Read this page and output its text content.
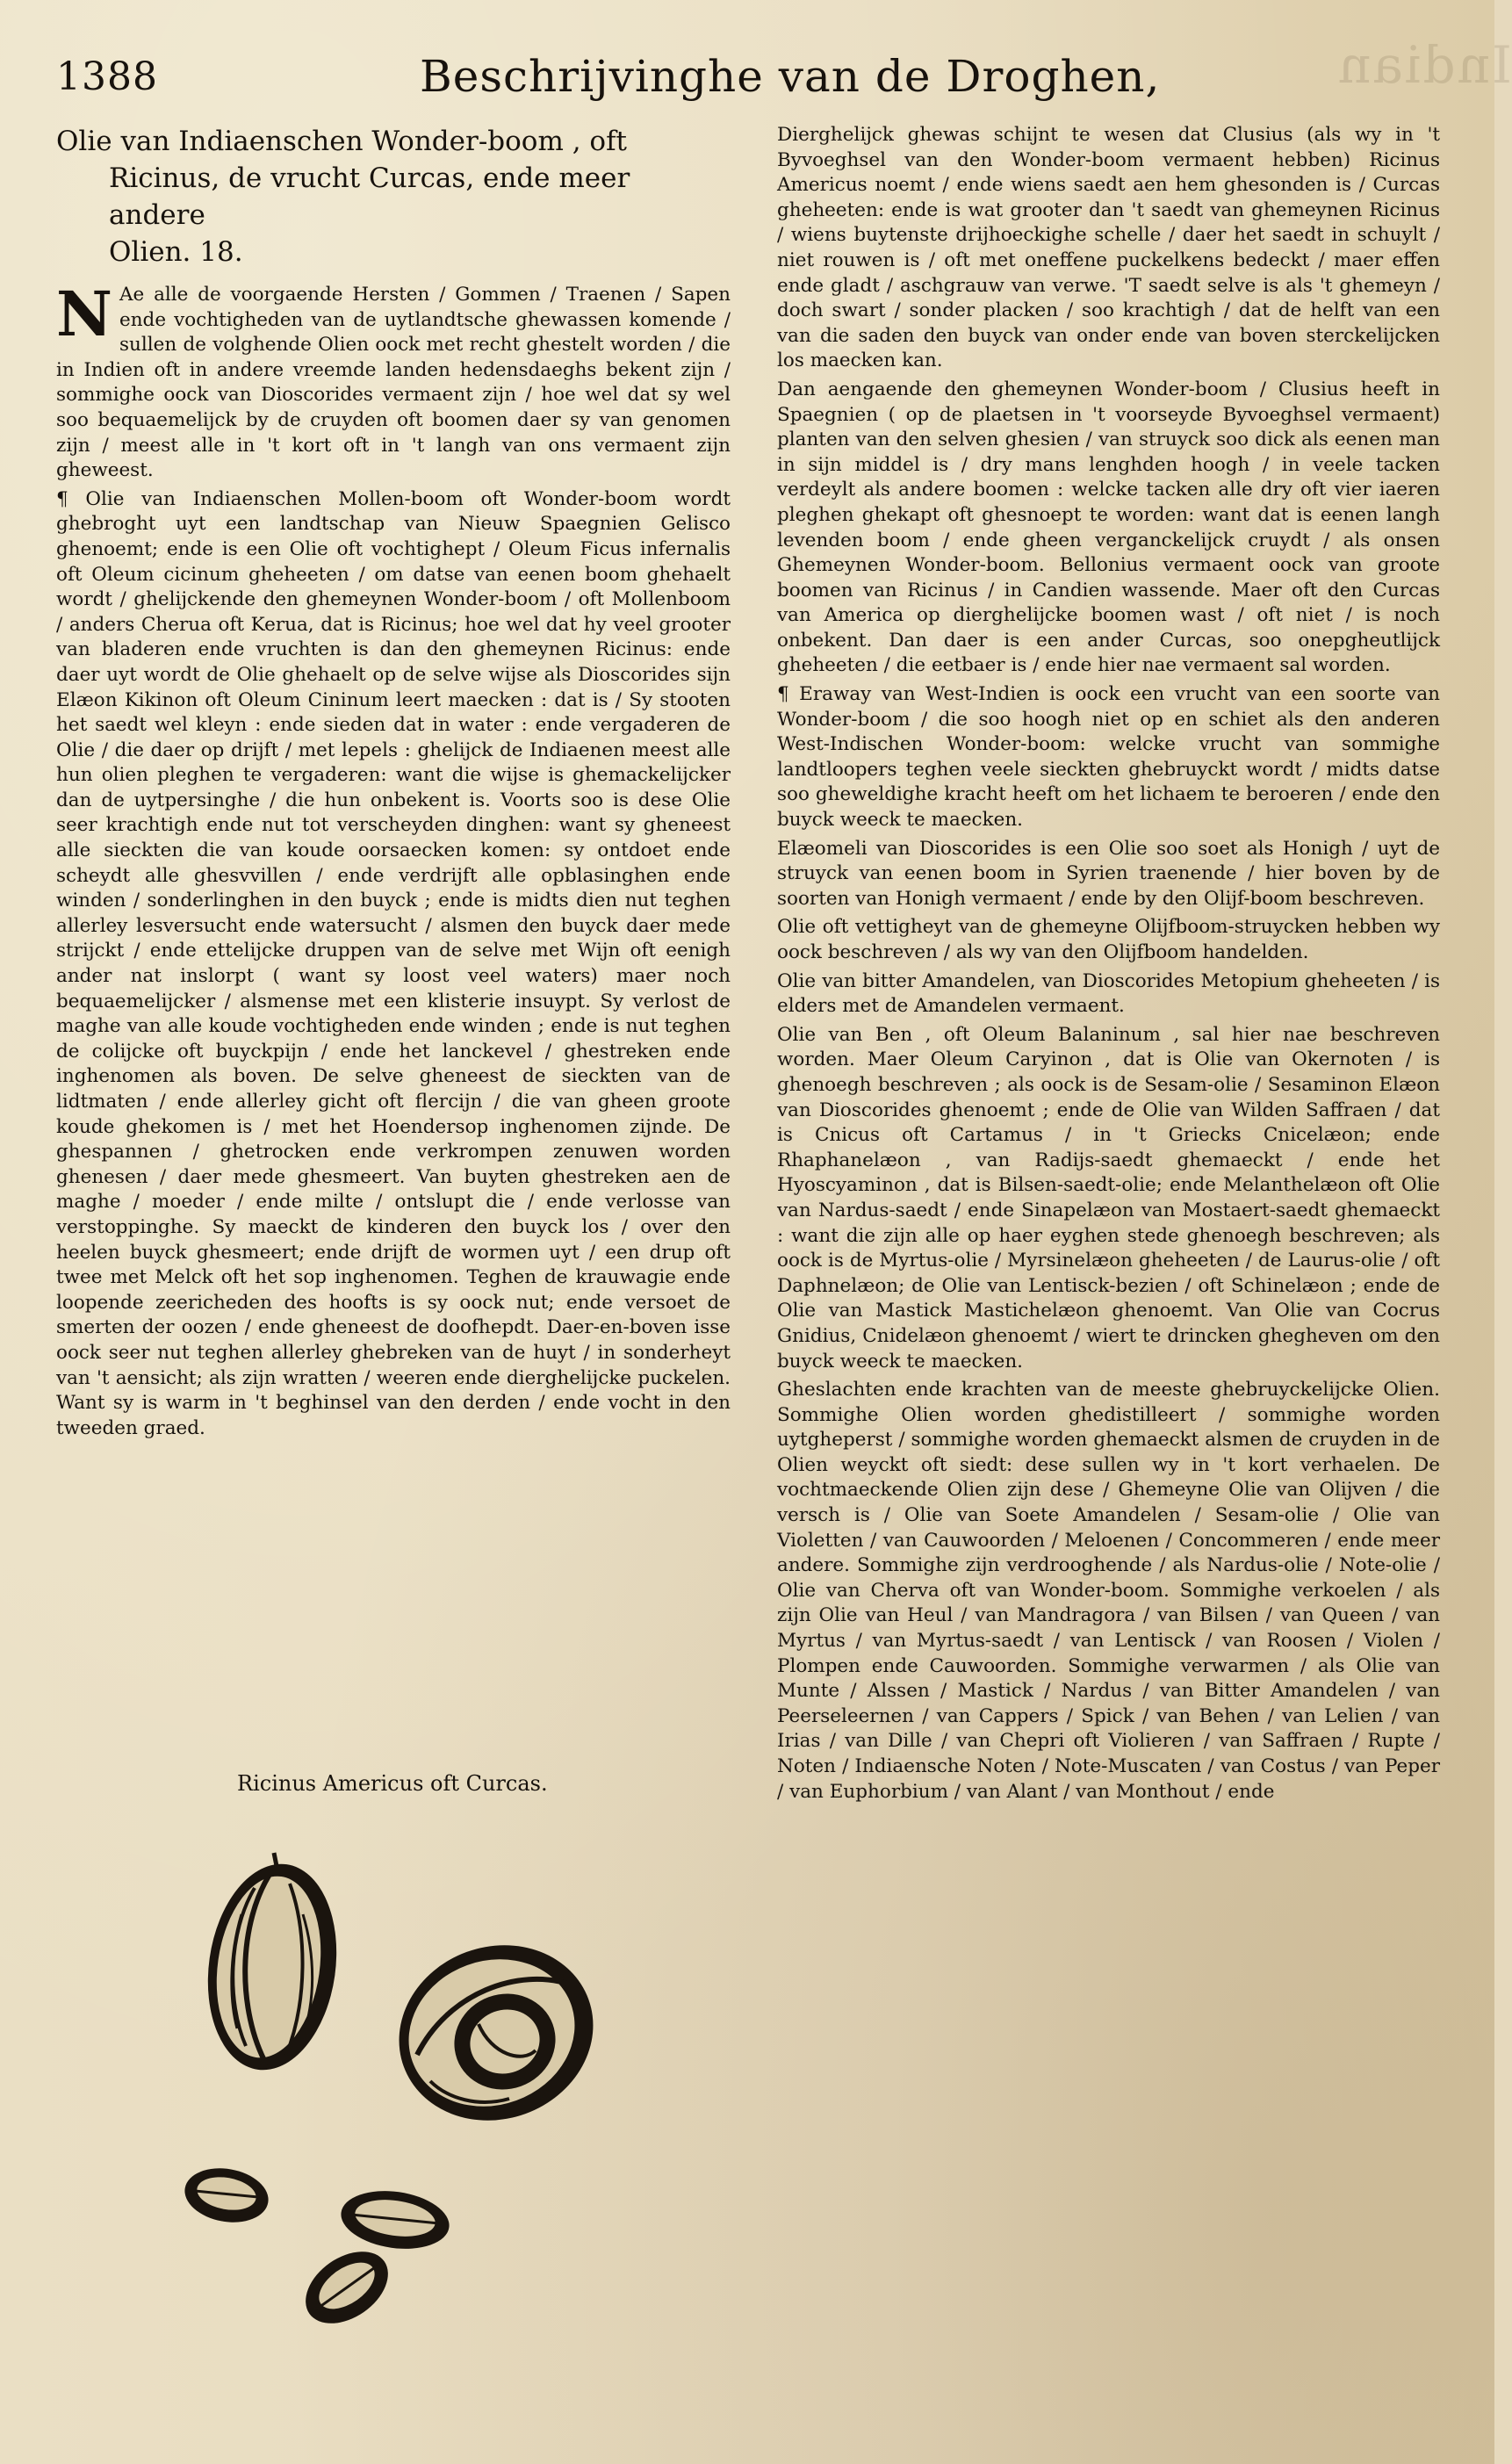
Indian
1388	Beschrijvinghe van de Droghen,
Olie van Indiaenschen Wonder-boom , oft
Ricinus, de vrucht Curcas, ende meer andere
Olien. 18.

N Ae alle de voorgaende Hersten / Gommen / Traenen / Sapen ende vochtigheden van de uytlandtsche ghewassen komende / sullen de volghende Olien oock met recht ghestelt worden / die in Indien oft in andere vreemde landen hedensdaeghs bekent zijn / sommighe oock van Dioscorides vermaent zijn / hoe wel dat sy wel soo bequaemelijck by de cruyden oft boomen daer sy van genomen zijn / meest alle in 't kort oft in 't langh van ons vermaent zijn gheweest.

¶ Olie van Indiaenschen Mollen-boom oft Wonder-boom wordt ghebroght uyt een landtschap van Nieuw Spaegnien Gelisco ghenoemt; ende is een Olie oft vochtighept / Oleum Ficus infernalis oft Oleum cicinum gheheeten / om datse van eenen boom ghehaelt wordt / ghelijckende den ghemeynen Wonder-boom / oft Mollenboom / anders Cherua oft Kerua, dat is Ricinus; hoe wel dat hy veel grooter van bladeren ende vruchten is dan den ghemeynen Ricinus: ende daer uyt wordt de Olie ghehaelt op de selve wijse als Dioscorides sijn Elæon Kikinon oft Oleum Cininum leert maecken : dat is / Sy stooten het saedt wel kleyn : ende sieden dat in water : ende vergaderen de Olie / die daer op drijft / met lepels : ghelijck de Indiaenen meest alle hun olien pleghen te vergaderen: want die wijse is ghemackelijcker dan de uytpersinghe / die hun onbekent is. Voorts soo is dese Olie seer krachtigh ende nut tot verscheyden dinghen: want sy gheneest alle sieckten die van koude oorsaecken komen: sy ontdoet ende scheydt alle ghesvvillen / ende verdrijft alle opblasinghen ende winden / sonderlinghen in den buyck ; ende is midts dien nut teghen allerley lesversucht ende watersucht / alsmen den buyck daer mede strijckt / ende ettelijcke druppen van de selve met Wijn oft eenigh ander nat inslorpt ( want sy loost veel waters) maer noch bequaemelijcker / alsmense met een klisterie insuypt. Sy verlost de maghe van alle koude vochtigheden ende winden ; ende is nut teghen de colijcke oft buyckpijn / ende het lanckevel / ghestreken ende inghenomen als boven. De selve gheneest de sieckten van de lidtmaten / ende allerley gicht oft flercijn / die van gheen groote koude ghekomen is / met het Hoendersop inghenomen zijnde. De ghespannen / ghetrocken ende verkrompen zenuwen worden ghenesen / daer mede ghesmeert. Van buyten ghestreken aen de maghe / moeder / ende milte / ontslupt die / ende verlosse van verstoppinghe. Sy maeckt de kinderen den buyck los / over den heelen buyck ghesmeert; ende drijft de wormen uyt / een drup oft twee met Melck oft het sop inghenomen. Teghen de krauwagie ende loopende zeericheden des hoofts is sy oock nut; ende versoet de smerten der oozen / ende gheneest de doofhepdt. Daer-en-boven isse oock seer nut teghen allerley ghebreken van de huyt / in sonderheyt van 't aensicht; als zijn wratten / weeren ende dierghelijcke puckelen. Want sy is warm in 't beghinsel van den derden / ende vocht in den tweeden graed.

Ricinus Americus oft Curcas.

Dierghelijck ghewas schijnt te wesen dat Clusius (als wy in 't Byvoeghsel van den Wonder-boom vermaent hebben) Ricinus Americus noemt / ende wiens saedt aen hem ghesonden is / Curcas gheheeten: ende is wat grooter dan 't saedt van ghemeynen Ricinus / wiens buytenste drijhoeckighe schelle / daer het saedt in schuylt / niet rouwen is / oft met oneffene puckelkens bedeckt / maer effen ende gladt / aschgrauw van verwe. 'T saedt selve is als 't ghemeyn / doch swart / sonder placken / soo krachtigh / dat de helft van een van die saden den buyck van onder ende van boven sterckelijcken los maecken kan.

Dan aengaende den ghemeynen Wonder-boom / Clusius heeft in Spaegnien ( op de plaetsen in 't voorseyde Byvoeghsel vermaent) planten van den selven ghesien / van struyck soo dick als eenen man in sijn middel is / dry mans lenghden hoogh / in veele tacken verdeylt als andere boomen : welcke tacken alle dry oft vier iaeren pleghen ghekapt oft ghesnoept te worden: want dat is eenen langh levenden boom / ende gheen verganckelijck cruydt / als onsen Ghemeynen Wonder-boom. Bellonius vermaent oock van groote boomen van Ricinus / in Candien wassende. Maer oft den Curcas van America op dierghelijcke boomen wast / oft niet / is noch onbekent. Dan daer is een ander Curcas, soo onepgheutlijck gheheeten / die eetbaer is / ende hier nae vermaent sal worden.

¶ Eraway van West-Indien is oock een vrucht van een soorte van Wonder-boom / die soo hoogh niet op en schiet als den anderen West-Indischen Wonder-boom: welcke vrucht van sommighe landtloopers teghen veele sieckten ghebruyckt wordt / midts datse soo gheweldighe kracht heeft om het lichaem te beroeren / ende den buyck weeck te maecken.

Elæomeli van Dioscorides is een Olie soo soet als Honigh / uyt de struyck van eenen boom in Syrien traenende / hier boven by de soorten van Honigh vermaent / ende by den Olijf-boom beschreven.

Olie oft vettigheyt van de ghemeyne Olijfboom-struycken hebben wy oock beschreven / als wy van den Olijfboom handelden.

Olie van bitter Amandelen, van Dioscorides Metopium gheheeten / is elders met de Amandelen vermaent.

Olie van Ben , oft Oleum Balaninum , sal hier nae beschreven worden. Maer Oleum Caryinon , dat is Olie van Okernoten / is ghenoegh beschreven ; als oock is de Sesam-olie / Sesaminon Elæon van Dioscorides ghenoemt ; ende de Olie van Wilden Saffraen / dat is Cnicus oft Cartamus / in 't Griecks Cnicelæon; ende Rhaphanelæon , van Radijs-saedt ghemaeckt / ende het Hyoscyaminon , dat is Bilsen-saedt-olie; ende Melanthelæon oft Olie van Nardus-saedt / ende Sinapelæon van Mostaert-saedt ghemaeckt : want die zijn alle op haer eyghen stede ghenoegh beschreven; als oock is de Myrtus-olie / Myrsinelæon gheheeten / de Laurus-olie / oft Daphnelæon; de Olie van Lentisck-bezien / oft Schinelæon ; ende de Olie van Mastick Mastichelæon ghenoemt. Van Olie van Cocrus Gnidius, Cnidelæon ghenoemt / wiert te drincken ghegheven om den buyck weeck te maecken.

Gheslachten ende krachten van de meeste ghebruyckelijcke Olien. Sommighe Olien worden ghedistilleert / sommighe worden uytgheperst / sommighe worden ghemaeckt alsmen de cruyden in de Olien weyckt oft siedt: dese sullen wy in 't kort verhaelen. De vochtmaeckende Olien zijn dese / Ghemeyne Olie van Olijven / die versch is / Olie van Soete Amandelen / Sesam-olie / Olie van Violetten / van Cauwoorden / Meloenen / Concommeren / ende meer andere. Sommighe zijn verdrooghende / als Nardus-olie / Note-olie / Olie van Cherva oft van Wonder-boom. Sommighe verkoelen / als zijn Olie van Heul / van Mandragora / van Bilsen / van Queen / van Myrtus / van Myrtus-saedt / van Lentisck / van Roosen / Violen / Plompen ende Cauwoorden. Sommighe verwarmen / als Olie van Munte / Alssen / Mastick / Nardus / van Bitter Amandelen / van Peerseleernen / van Cappers / Spick / van Behen / van Lelien / van Irias / van Dille / van Chepri oft Violieren / van Saffraen / Rupte / Noten / Indiaensche Noten / Note-Muscaten / van Costus / van Peper / van Euphorbium / van Alant / van Monthout / ende
